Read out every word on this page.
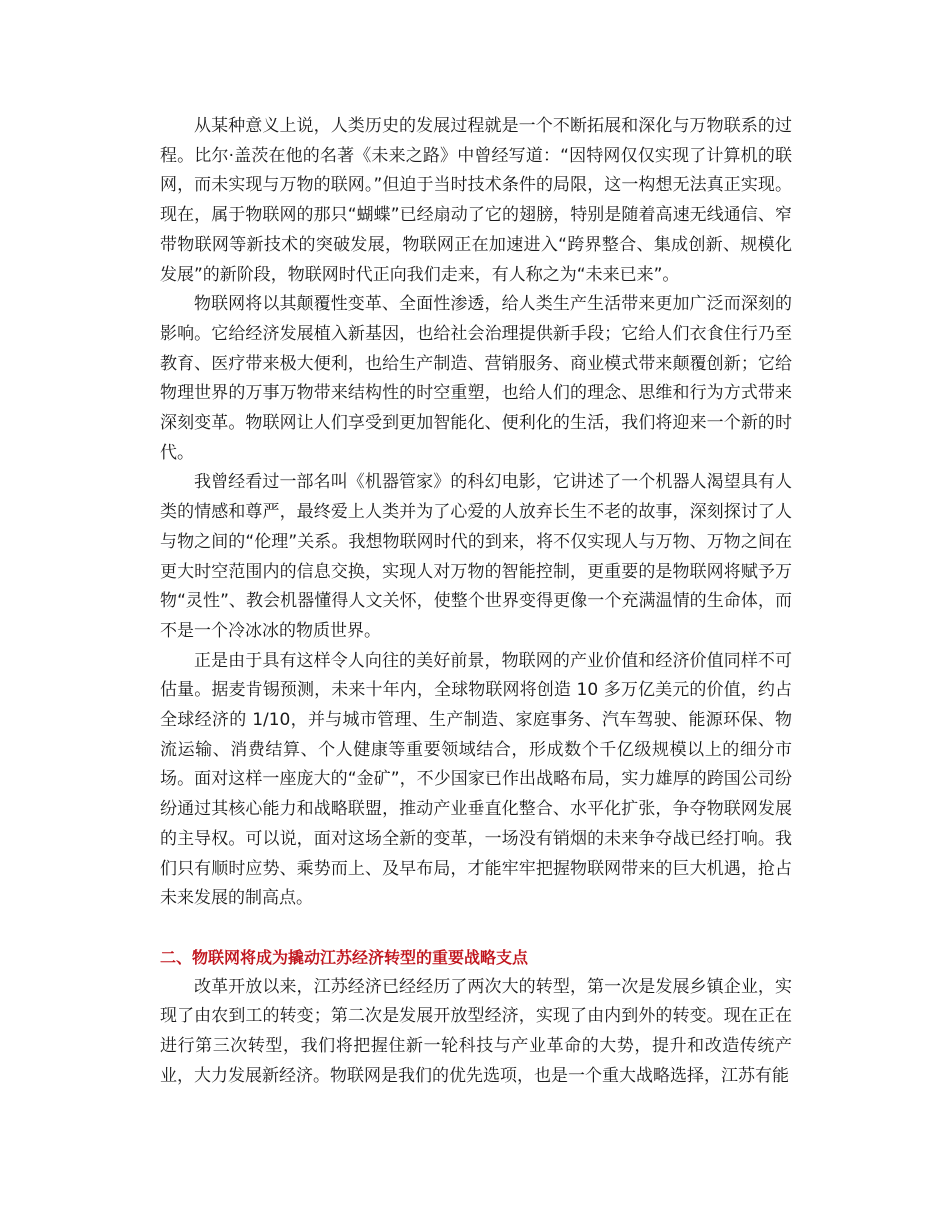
从某种意义上说，人类历史的发展过程就是一个不断拓展和深化与万物联系的过程。比尔·盖茨在他的名著《未来之路》中曾经写道：“因特网仅仅实现了计算机的联网，而未实现与万物的联网。”但迫于当时技术条件的局限，这一构想无法真正实现。现在，属于物联网的那只“蝴蝶”已经扇动了它的翅膀，特别是随着高速无线通信、窄带物联网等新技术的突破发展，物联网正在加速进入“跨界整合、集成创新、规模化发展”的新阶段，物联网时代正向我们走来，有人称之为“未来已来”。

物联网将以其颠覆性变革、全面性渗透，给人类生产生活带来更加广泛而深刻的影响。它给经济发展植入新基因，也给社会治理提供新手段；它给人们衣食住行乃至教育、医疗带来极大便利，也给生产制造、营销服务、商业模式带来颠覆创新；它给物理世界的万事万物带来结构性的时空重塑，也给人们的理念、思维和行为方式带来深刻变革。物联网让人们享受到更加智能化、便利化的生活，我们将迎来一个新的时代。

我曾经看过一部名叫《机器管家》的科幻电影，它讲述了一个机器人渴望具有人类的情感和尊严，最终爱上人类并为了心爱的人放弃长生不老的故事，深刻探讨了人与物之间的“伦理”关系。我想物联网时代的到来，将不仅实现人与万物、万物之间在更大时空范围内的信息交换，实现人对万物的智能控制，更重要的是物联网将赋予万物“灵性”、教会机器懂得人文关怀，使整个世界变得更像一个充满温情的生命体，而不是一个冷冰冰的物质世界。

正是由于具有这样令人向往的美好前景，物联网的产业价值和经济价值同样不可估量。据麦肯锡预测，未来十年内，全球物联网将创造 10 多万亿美元的价值，约占全球经济的 1/10，并与城市管理、生产制造、家庭事务、汽车驾驶、能源环保、物流运输、消费结算、个人健康等重要领域结合，形成数个千亿级规模以上的细分市场。面对这样一座庞大的“金矿”，不少国家已作出战略布局，实力雄厚的跨国公司纷纷通过其核心能力和战略联盟，推动产业垂直化整合、水平化扩张，争夺物联网发展的主导权。可以说，面对这场全新的变革，一场没有销烟的未来争夺战已经打响。我们只有顺时应势、乘势而上、及早布局，才能牢牢把握物联网带来的巨大机遇，抢占未来发展的制高点。

二、物联网将成为撬动江苏经济转型的重要战略支点

改革开放以来，江苏经济已经经历了两次大的转型，第一次是发展乡镇企业，实现了由农到工的转变；第二次是发展开放型经济，实现了由内到外的转变。现在正在进行第三次转型，我们将把握住新一轮科技与产业革命的大势，提升和改造传统产业，大力发展新经济。物联网是我们的优先选项，也是一个重大战略选择，江苏有能
